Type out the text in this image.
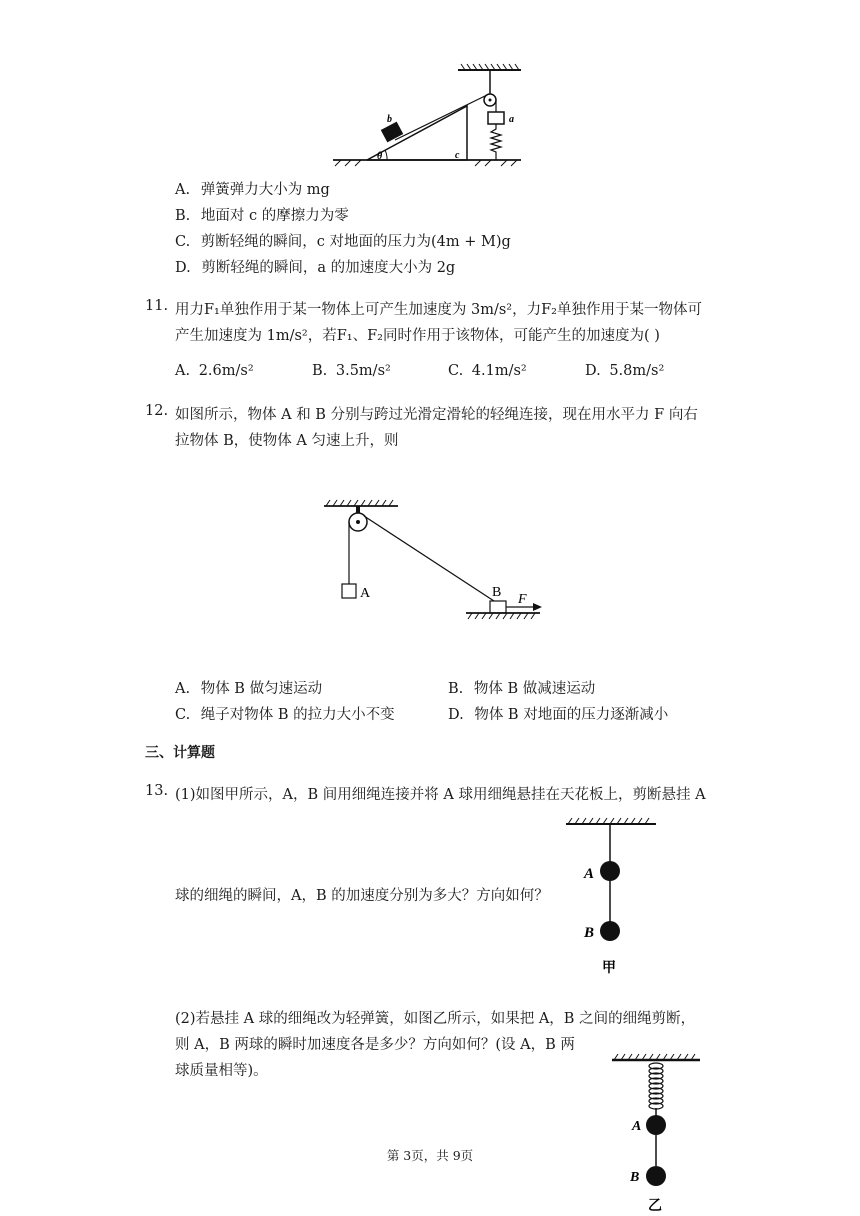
θ
b	a
c
A. 弹簧弹力大小为 mg
B. 地面对 c 的摩擦力为零
C. 剪断轻绳的瞬间，c 对地面的压力为(4m + M)g
D. 剪断轻绳的瞬间，a 的加速度大小为 2g
11. 用力F₁单独作用于某一物体上可产生加速度为 3m/s²，力F₂单独作用于某一物体可
产生加速度为 1m/s²，若F₁、F₂同时作用于该物体，可能产生的加速度为( )
A. 2.6m/s²	B. 3.5m/s²	C. 4.1m/s²	D. 5.8m/s²
12. 如图所示，物体 A 和 B 分别与跨过光滑定滑轮的轻绳连接，现在用水平力 F 向右
拉物体 B，使物体 A 匀速上升，则
A	B F
A. 物体 B 做匀速运动	B. 物体 B 做减速运动
C. 绳子对物体 B 的拉力大小不变	D. 物体 B 对地面的压力逐渐减小
三、计算题
13. (1)如图甲所示，A，B 间用细绳连接并将 A 球用细绳悬挂在天花板上，剪断悬挂 A
球的细绳的瞬间，A，B 的加速度分别为多大？方向如何？
A
B
甲
(2)若悬挂 A 球的细绳改为轻弹簧，如图乙所示，如果把 A，B 之间的细绳剪断，
则 A，B 两球的瞬时加速度各是多少？方向如何？(设 A，B 两
球质量相等)。
A
B
乙
第 3页，共 9页
